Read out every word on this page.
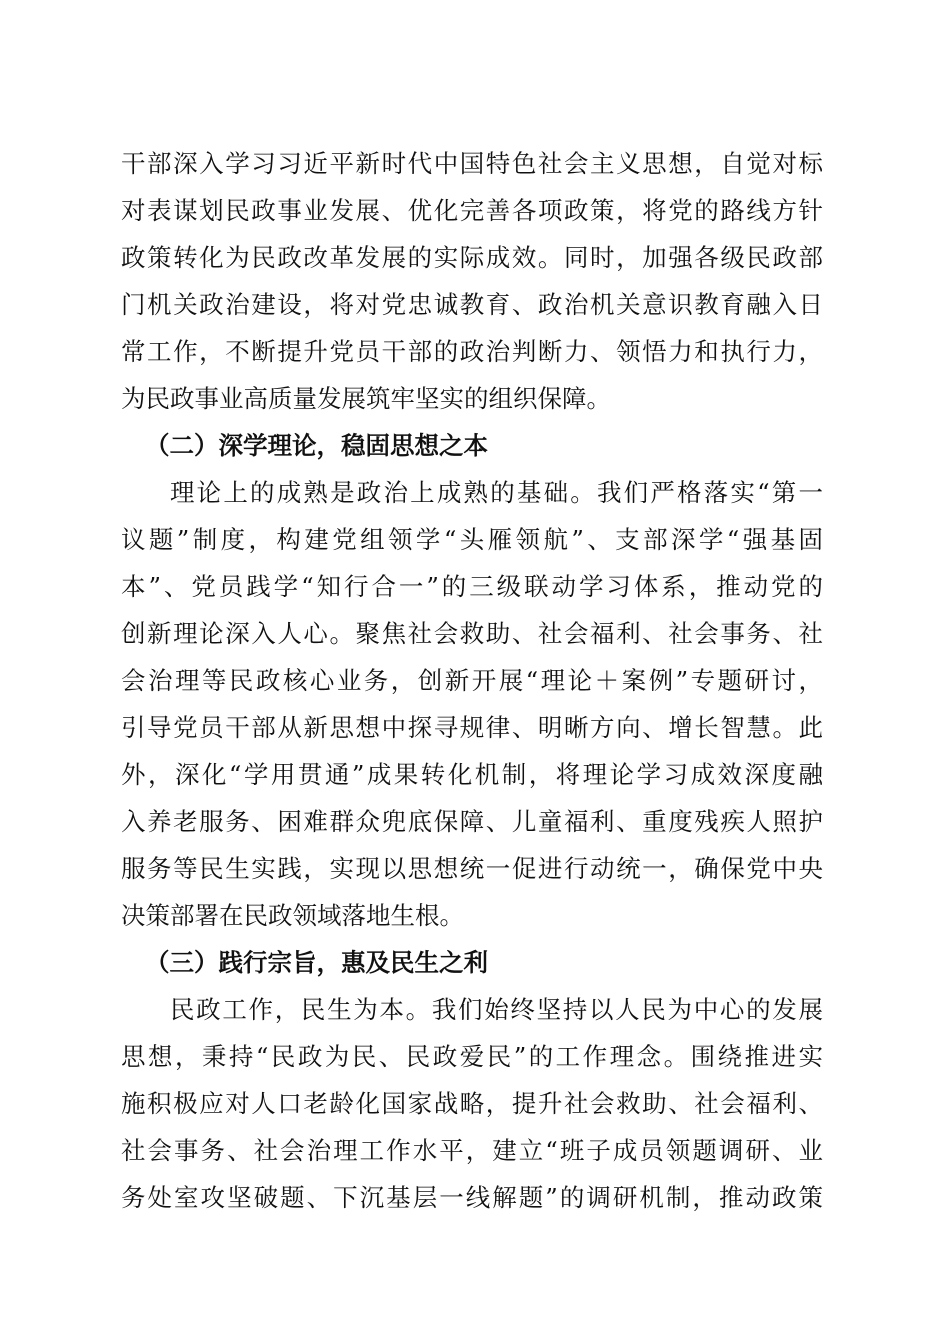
干部深入学习习近平新时代中国特色社会主义思想，自觉对标
对表谋划民政事业发展、优化完善各项政策，将党的路线方针
政策转化为民政改革发展的实际成效。同时，加强各级民政部
门机关政治建设，将对党忠诚教育、政治机关意识教育融入日
常工作，不断提升党员干部的政治判断力、领悟力和执行力，
为民政事业高质量发展筑牢坚实的组织保障。
（二）深学理论，稳固思想之本
理论上的成熟是政治上成熟的基础。我们严格落实“第一
议题”制度，构建党组领学“头雁领航”、支部深学“强基固
本”、党员践学“知行合一”的三级联动学习体系，推动党的
创新理论深入人心。聚焦社会救助、社会福利、社会事务、社
会治理等民政核心业务，创新开展“理论＋案例”专题研讨，
引导党员干部从新思想中探寻规律、明晰方向、增长智慧。此
外，深化“学用贯通”成果转化机制，将理论学习成效深度融
入养老服务、困难群众兜底保障、儿童福利、重度残疾人照护
服务等民生实践，实现以思想统一促进行动统一，确保党中央
决策部署在民政领域落地生根。
（三）践行宗旨，惠及民生之利
民政工作，民生为本。我们始终坚持以人民为中心的发展
思想，秉持“民政为民、民政爱民”的工作理念。围绕推进实
施积极应对人口老龄化国家战略，提升社会救助、社会福利、
社会事务、社会治理工作水平，建立“班子成员领题调研、业
务处室攻坚破题、下沉基层一线解题”的调研机制，推动政策
